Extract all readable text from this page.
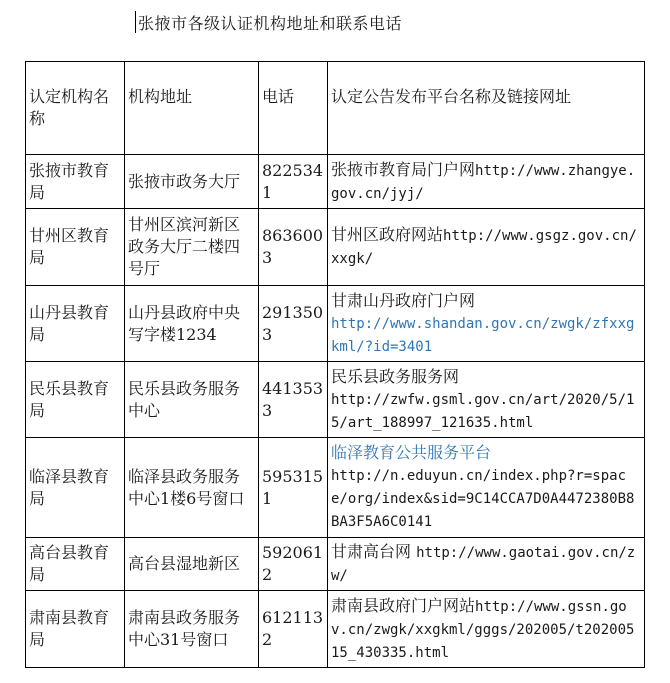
张掖市各级认证机构地址和联系电话
认定机构名称	机构地址	电话	认定公告发布平台名称及链接网址
张掖市教育局	张掖市政务大厅	8225341	张掖市教育局门户网http://www.zhangye.gov.cn/jyj/
甘州区教育局	甘州区滨河新区政务大厅二楼四号厅	8636003	甘州区政府网站http://www.gsgz.gov.cn/xxgk/
山丹县教育局	山丹县政府中央写字楼1234	2913503	甘肃山丹政府门户网
http://www.shandan.gov.cn/zwgk/zfxxgkml/?id=3401
民乐县教育局	民乐县政务服务中心	4413533	民乐县政务服务网
http://zwfw.gsml.gov.cn/art/2020/5/15/art_188997_121635.html
临泽县教育局	临泽县政务服务中心1楼6号窗口	5953151	临泽教育公共服务平台
http://n.eduyun.cn/index.php?r=space/org/index&sid=9C14CCA7D0A4472380B8BA3F5A6C0141
高台县教育局	高台县湿地新区	5920612	甘肃高台网 http://www.gaotai.gov.cn/zw/
肃南县教育局	肃南县政务服务中心31号窗口	6121132	肃南县政府门户网站http://www.gssn.gov.cn/zwgk/xxgkml/gggs/202005/t20200515_430335.html
